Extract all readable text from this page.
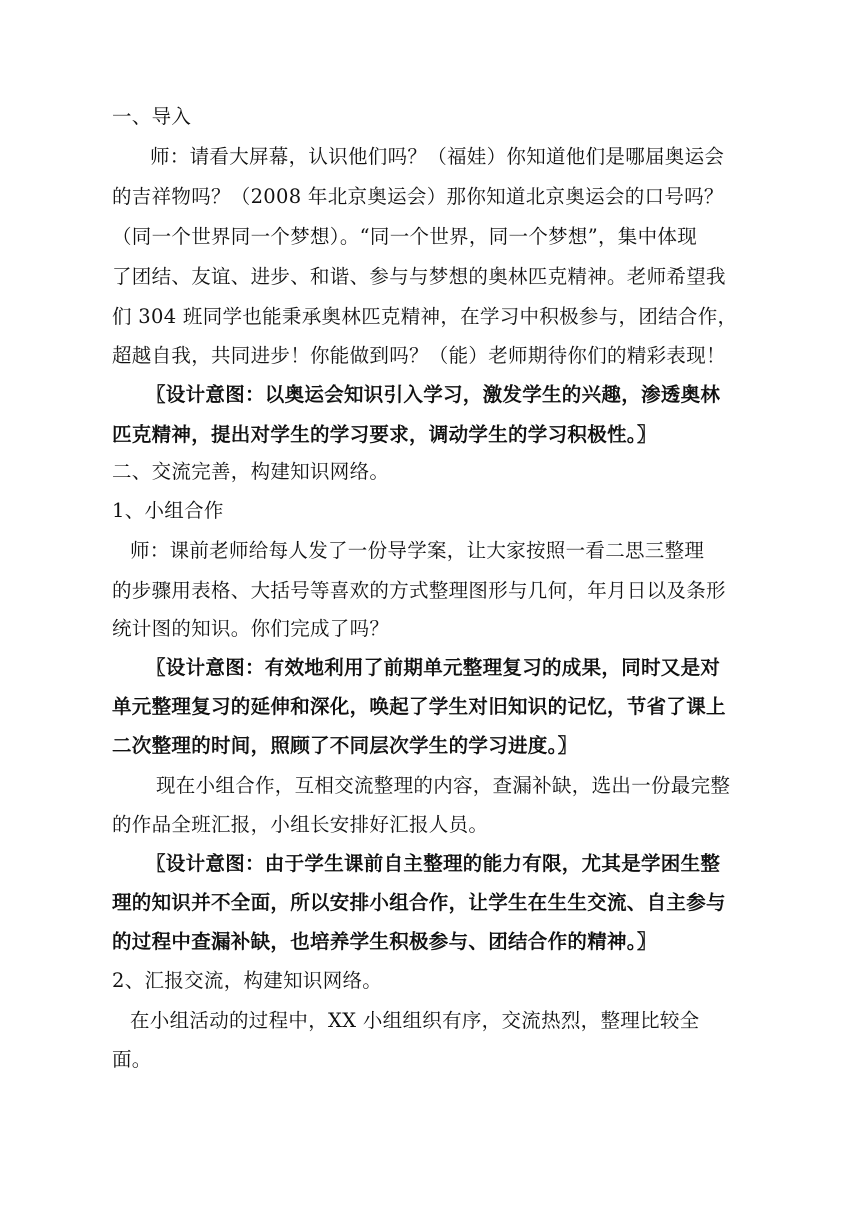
一、导入
师：请看大屏幕，认识他们吗？（福娃）你知道他们是哪届奥运会
的吉祥物吗？（2008 年北京奥运会）那你知道北京奥运会的口号吗？
（同一个世界同一个梦想）。“同一个世界，同一个梦想”，集中体现
了团结、友谊、进步、和谐、参与与梦想的奥林匹克精神。老师希望我
们 304 班同学也能秉承奥林匹克精神，在学习中积极参与，团结合作，
超越自我，共同进步！你能做到吗？（能）老师期待你们的精彩表现！
〖设计意图：以奥运会知识引入学习，激发学生的兴趣，渗透奥林
匹克精神，提出对学生的学习要求，调动学生的学习积极性。〗
二、交流完善，构建知识网络。
1、小组合作
师：课前老师给每人发了一份导学案，让大家按照一看二思三整理
的步骤用表格、大括号等喜欢的方式整理图形与几何，年月日以及条形
统计图的知识。你们完成了吗？
〖设计意图：有效地利用了前期单元整理复习的成果，同时又是对
单元整理复习的延伸和深化，唤起了学生对旧知识的记忆，节省了课上
二次整理的时间，照顾了不同层次学生的学习进度。〗
现在小组合作，互相交流整理的内容，查漏补缺，选出一份最完整
的作品全班汇报，小组长安排好汇报人员。
〖设计意图：由于学生课前自主整理的能力有限，尤其是学困生整
理的知识并不全面，所以安排小组合作，让学生在生生交流、自主参与
的过程中查漏补缺，也培养学生积极参与、团结合作的精神。〗
2、汇报交流，构建知识网络。
在小组活动的过程中，XX 小组组织有序，交流热烈，整理比较全
面。
